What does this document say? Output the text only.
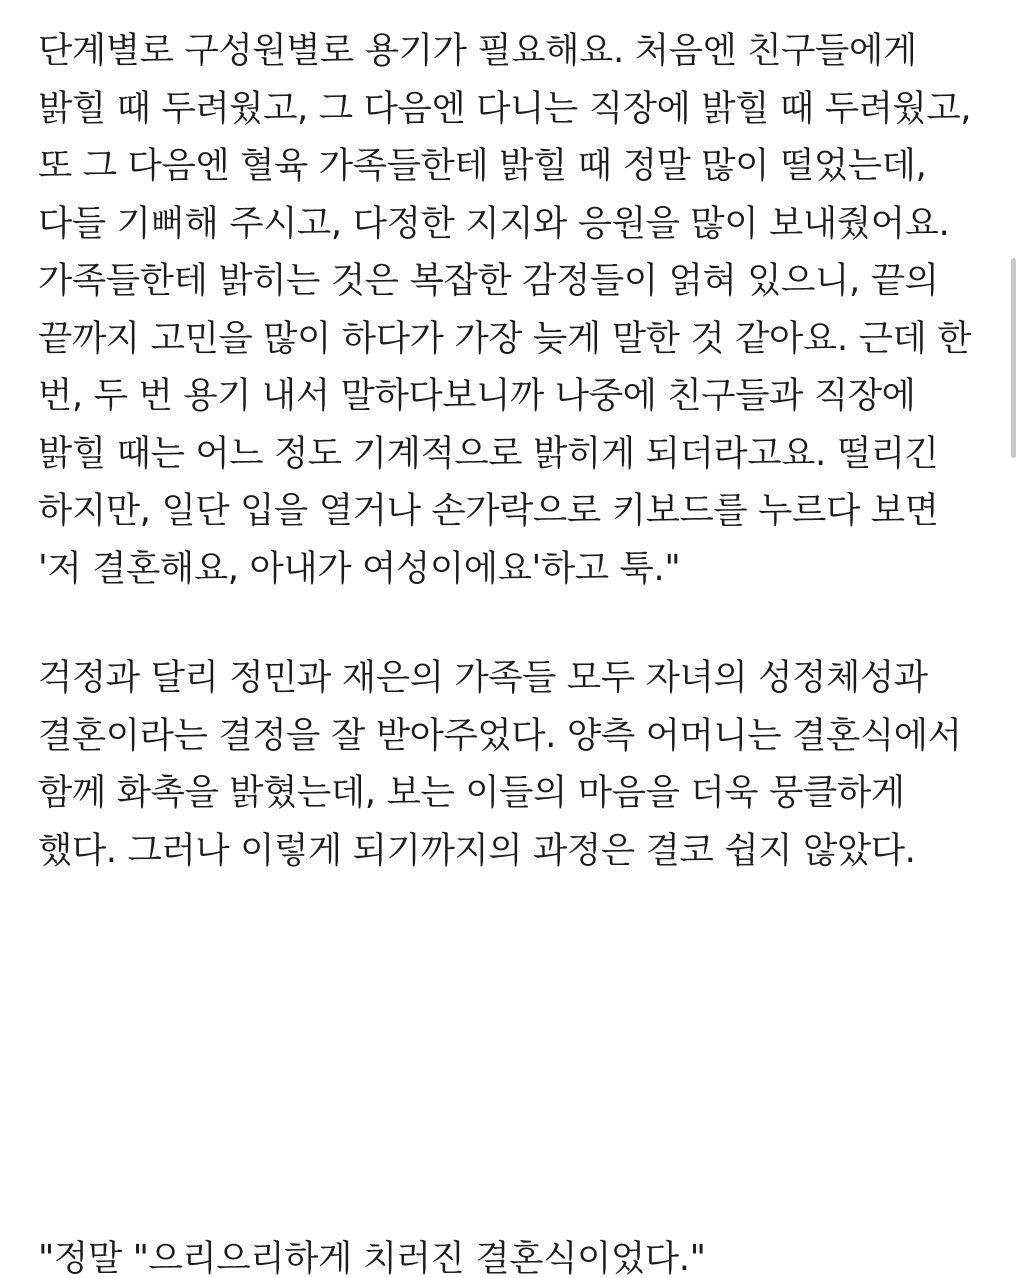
단계별로 구성원별로 용기가 필요해요. 처음엔 친구들에게 밝힐 때 두려웠고, 그 다음엔 다니는 직장에 밝힐 때 두려웠고, 또 그 다음엔 혈육 가족들한테 밝힐 때 정말 많이 떨었는데, 다들 기뻐해 주시고, 다정한 지지와 응원을 많이 보내줬어요. 가족들한테 밝히는 것은 복잡한 감정들이 얽혀 있으니, 끝의 끝까지 고민을 많이 하다가 가장 늦게 말한 것 같아요. 근데 한 번, 두 번 용기 내서 말하다보니까 나중에 친구들과 직장에 밝힐 때는 어느 정도 기계적으로 밝히게 되더라고요. 떨리긴 하지만, 일단 입을 열거나 손가락으로 키보드를 누르다 보면 '저 결혼해요, 아내가 여성이에요'하고 툭."

걱정과 달리 정민과 재은의 가족들 모두 자녀의 성정체성과 결혼이라는 결정을 잘 받아주었다. 양측 어머니는 결혼식에서 함께 화촉을 밝혔는데, 보는 이들의 마음을 더욱 뭉클하게 했다. 그러나 이렇게 되기까지의 과정은 결코 쉽지 않았다.

"정말 "으리으리하게 치러진 결혼식이었다."
